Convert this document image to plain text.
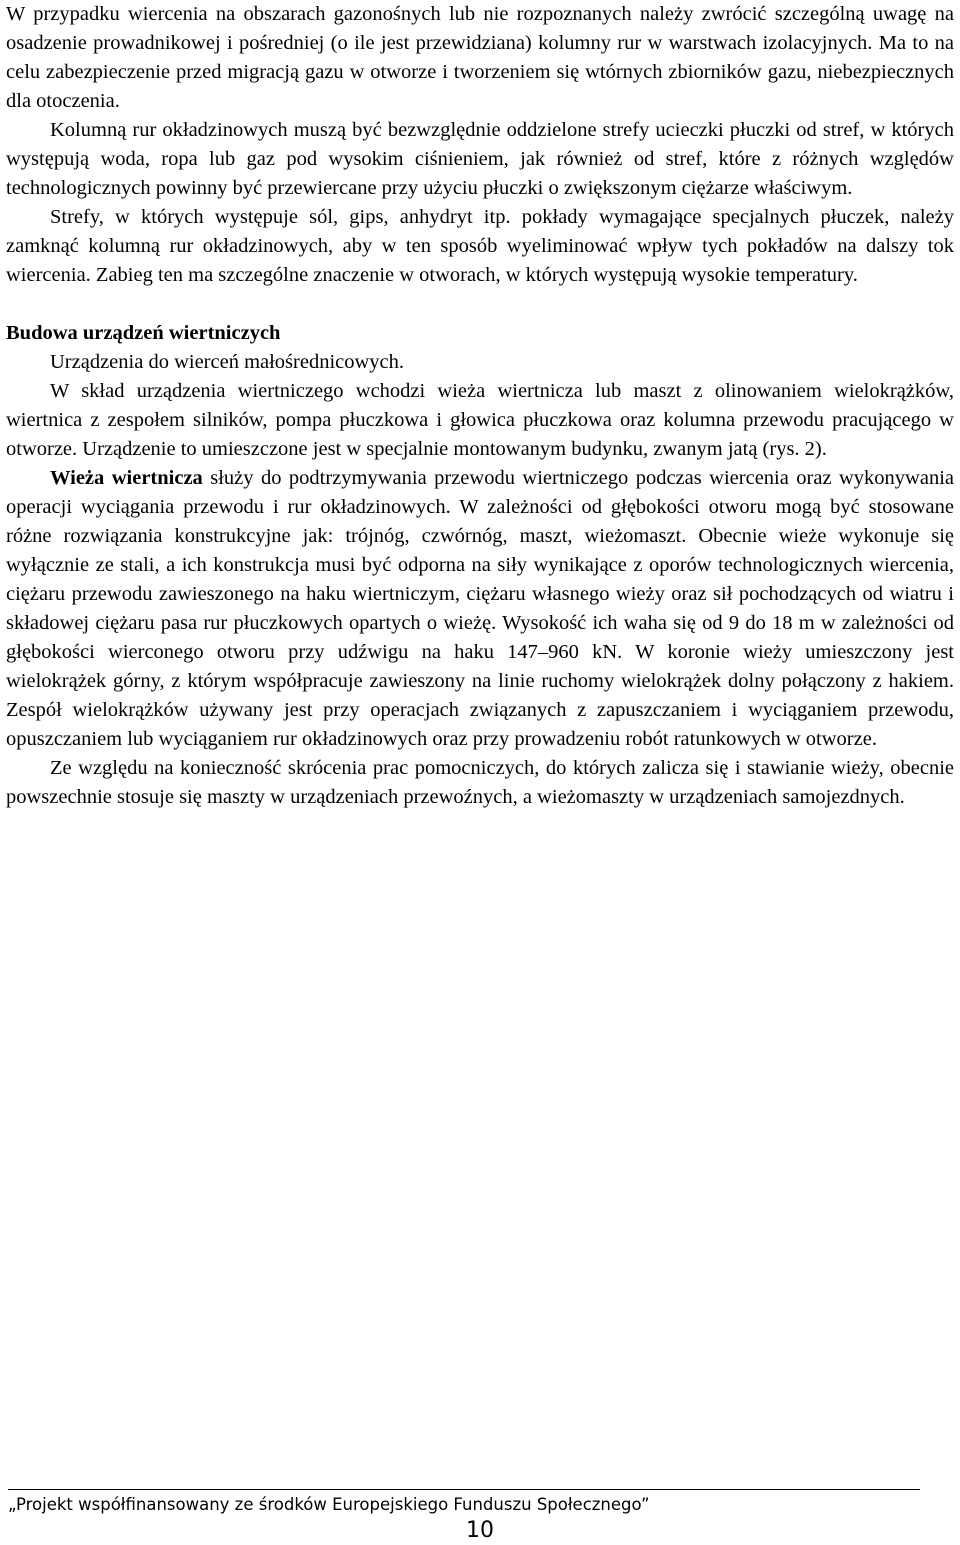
W przypadku wiercenia na obszarach gazonośnych lub nie rozpoznanych należy zwrócić szczególną uwagę na osadzenie prowadnikowej i pośredniej (o ile jest przewidziana) kolumny rur w warstwach izolacyjnych. Ma to na celu zabezpieczenie przed migracją gazu w otworze i tworzeniem się wtórnych zbiorników gazu, niebezpiecznych dla otoczenia.

Kolumną rur okładzinowych muszą być bezwzględnie oddzielone strefy ucieczki płuczki od stref, w których występują woda, ropa lub gaz pod wysokim ciśnieniem, jak również od stref, które z różnych względów technologicznych powinny być przewiercane przy użyciu płuczki o zwiększonym ciężarze właściwym.

Strefy, w których występuje sól, gips, anhydryt itp. pokłady wymagające specjalnych płuczek, należy zamknąć kolumną rur okładzinowych, aby w ten sposób wyeliminować wpływ tych pokładów na dalszy tok wiercenia. Zabieg ten ma szczególne znaczenie w otworach, w których występują wysokie temperatury.

Budowa urządzeń wiertniczych

Urządzenia do wierceń małośrednicowych.

W skład urządzenia wiertniczego wchodzi wieża wiertnicza lub maszt z olinowaniem wielokrążków, wiertnica z zespołem silników, pompa płuczkowa i głowica płuczkowa oraz kolumna przewodu pracującego w otworze. Urządzenie to umieszczone jest w specjalnie montowanym budynku, zwanym jatą (rys. 2).

Wieża wiertnicza służy do podtrzymywania przewodu wiertniczego podczas wiercenia oraz wykonywania operacji wyciągania przewodu i rur okładzinowych. W zależności od głębokości otworu mogą być stosowane różne rozwiązania konstrukcyjne jak: trójnóg, czwórnóg, maszt, wieżomaszt. Obecnie wieże wykonuje się wyłącznie ze stali, a ich konstrukcja musi być odporna na siły wynikające z oporów technologicznych wiercenia, ciężaru przewodu zawieszonego na haku wiertniczym, ciężaru własnego wieży oraz sił pochodzących od wiatru i składowej ciężaru pasa rur płuczkowych opartych o wieżę. Wysokość ich waha się od 9 do 18 m w zależności od głębokości wierconego otworu przy udźwigu na haku 147–960 kN. W koronie wieży umieszczony jest wielokrążek górny, z którym współpracuje zawieszony na linie ruchomy wielokrążek dolny połączony z hakiem. Zespół wielokrążków używany jest przy operacjach związanych z zapuszczaniem i wyciąganiem przewodu, opuszczaniem lub wyciąganiem rur okładzinowych oraz przy prowadzeniu robót ratunkowych w otworze.

Ze względu na konieczność skrócenia prac pomocniczych, do których zalicza się i stawianie wieży, obecnie powszechnie stosuje się maszty w urządzeniach przewoźnych, a wieżomaszty w urządzeniach samojezdnych.

„Projekt współfinansowany ze środków Europejskiego Funduszu Społecznego”
10
